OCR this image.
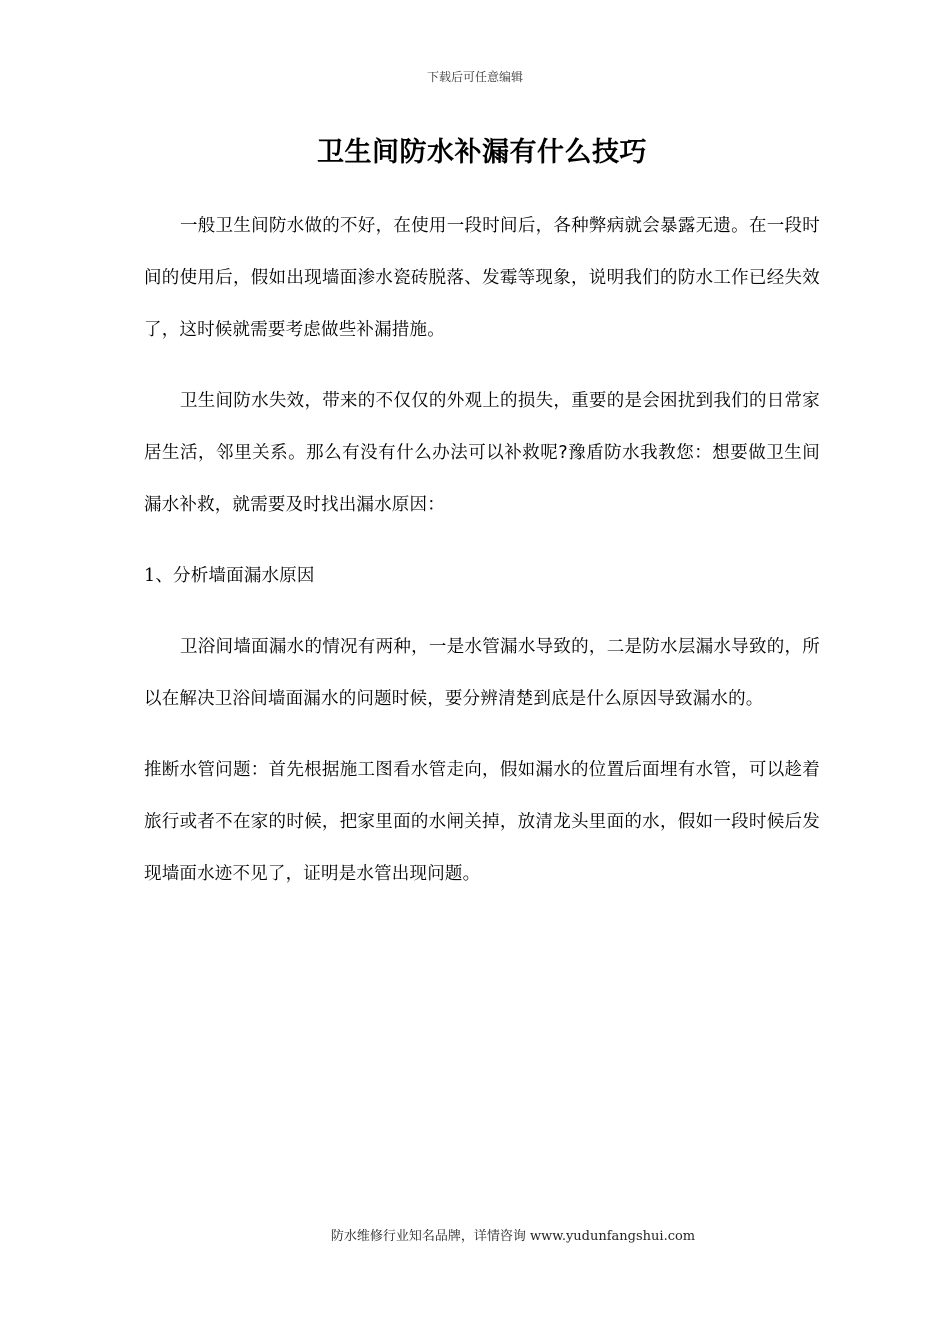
下载后可任意编辑
卫生间防水补漏有什么技巧

一般卫生间防水做的不好，在使用一段时间后，各种弊病就会暴露无遗。在一段时间的使用后，假如出现墙面渗水瓷砖脱落、发霉等现象，说明我们的防水工作已经失效了，这时候就需要考虑做些补漏措施。

卫生间防水失效，带来的不仅仅的外观上的损失，重要的是会困扰到我们的日常家居生活，邻里关系。那么有没有什么办法可以补救呢?豫盾防水我教您：想要做卫生间漏水补救，就需要及时找出漏水原因：

1、分析墙面漏水原因

卫浴间墙面漏水的情况有两种，一是水管漏水导致的，二是防水层漏水导致的，所以在解决卫浴间墙面漏水的问题时候，要分辨清楚到底是什么原因导致漏水的。

推断水管问题：首先根据施工图看水管走向，假如漏水的位置后面埋有水管，可以趁着旅行或者不在家的时候，把家里面的水闸关掉，放清龙头里面的水，假如一段时候后发现墙面水迹不见了，证明是水管出现问题。

防水维修行业知名品牌，详情咨询 www.yudunfangshui.com
